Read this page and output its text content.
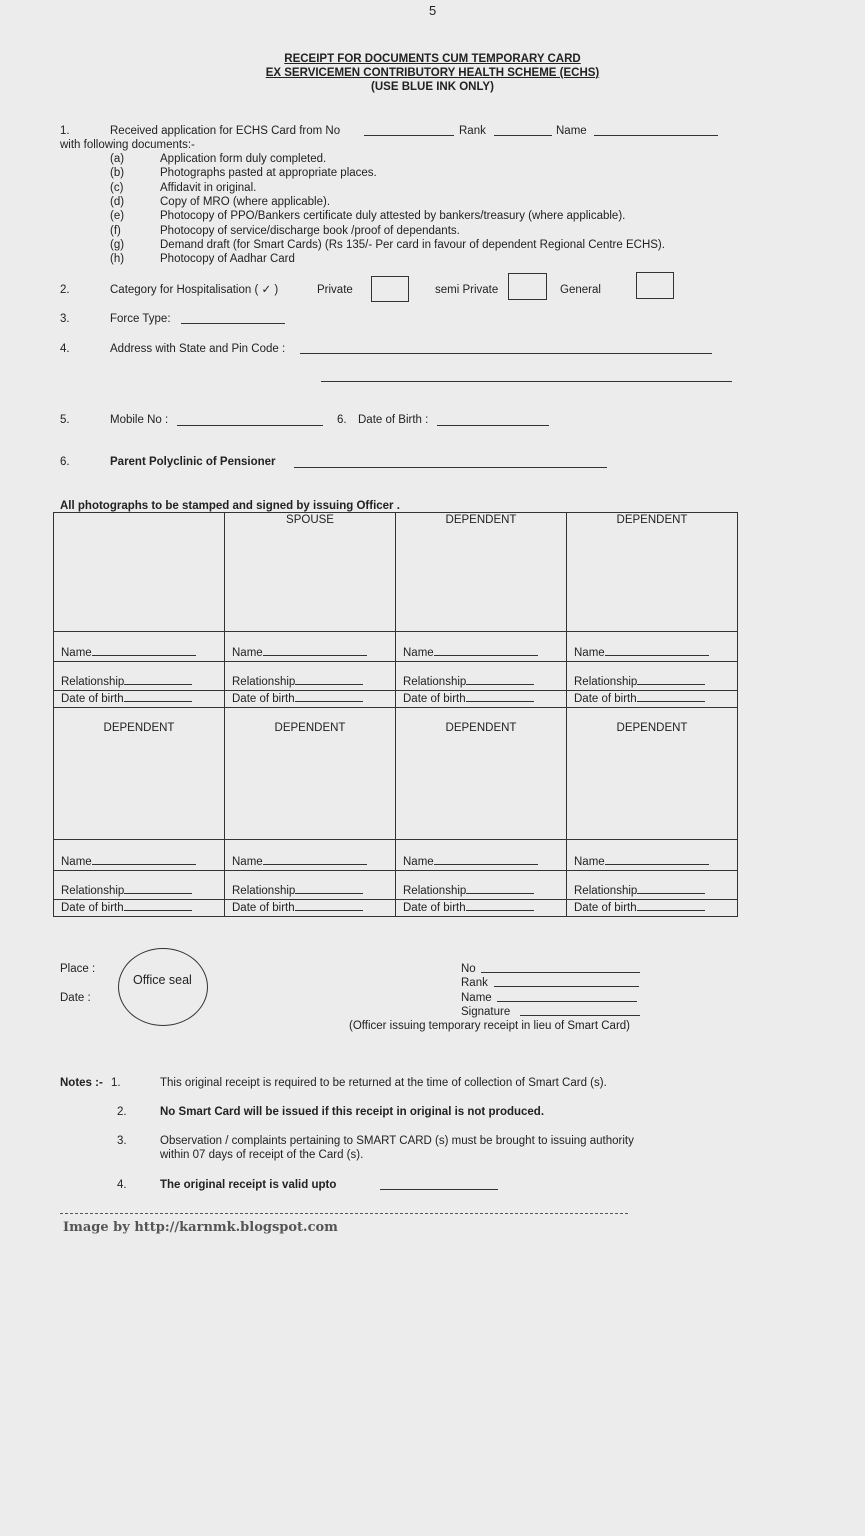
5
RECEIPT FOR DOCUMENTS CUM TEMPORARY CARD
EX SERVICEMEN CONTRIBUTORY HEALTH SCHEME (ECHS)
(USE BLUE INK ONLY)
1.	Received application for ECHS Card from No	Rank	Name
with following documents:-
(a)	Application form duly completed.
(b)	Photographs pasted at appropriate places.
(c)	Affidavit in original.
(d)	Copy of MRO (where applicable).
(e)	Photocopy of PPO/Bankers certificate duly attested by bankers/treasury (where applicable).
(f)	Photocopy of service/discharge book /proof of dependants.
(g)	Demand draft (for Smart Cards) (Rs 135/- Per card in favour of dependent Regional Centre ECHS).
(h)	Photocopy of Aadhar Card
2.	Category for Hospitalisation ( ✓ )	Private	semi Private	General
3.	Force Type:
4.	Address with State and Pin Code :
5.	Mobile No :	6. Date of Birth :
6.	Parent Polyclinic of Pensioner
All photographs to be stamped and signed by issuing Officer .
	SPOUSE	DEPENDENT	DEPENDENT
Name	Name	Name	Name
Relationship	Relationship	Relationship	Relationship
Date of birth	Date of birth	Date of birth	Date of birth
DEPENDENT	DEPENDENT	DEPENDENT	DEPENDENT
Name	Name	Name	Name
Relationship	Relationship	Relationship	Relationship
Date of birth	Date of birth	Date of birth	Date of birth
Place :
Date :
Office seal
No
Rank
Name
Signature
(Officer issuing temporary receipt in lieu of Smart Card)
Notes :- 1.	This original receipt is required to be returned at the time of collection of Smart Card (s).
2.	No Smart Card will be issued if this receipt in original is not produced.
3.	Observation / complaints pertaining to SMART CARD (s) must be brought to issuing authority
within 07 days of receipt of the Card (s).
4.	The original receipt is valid upto
Image by http://karnmk.blogspot.com
